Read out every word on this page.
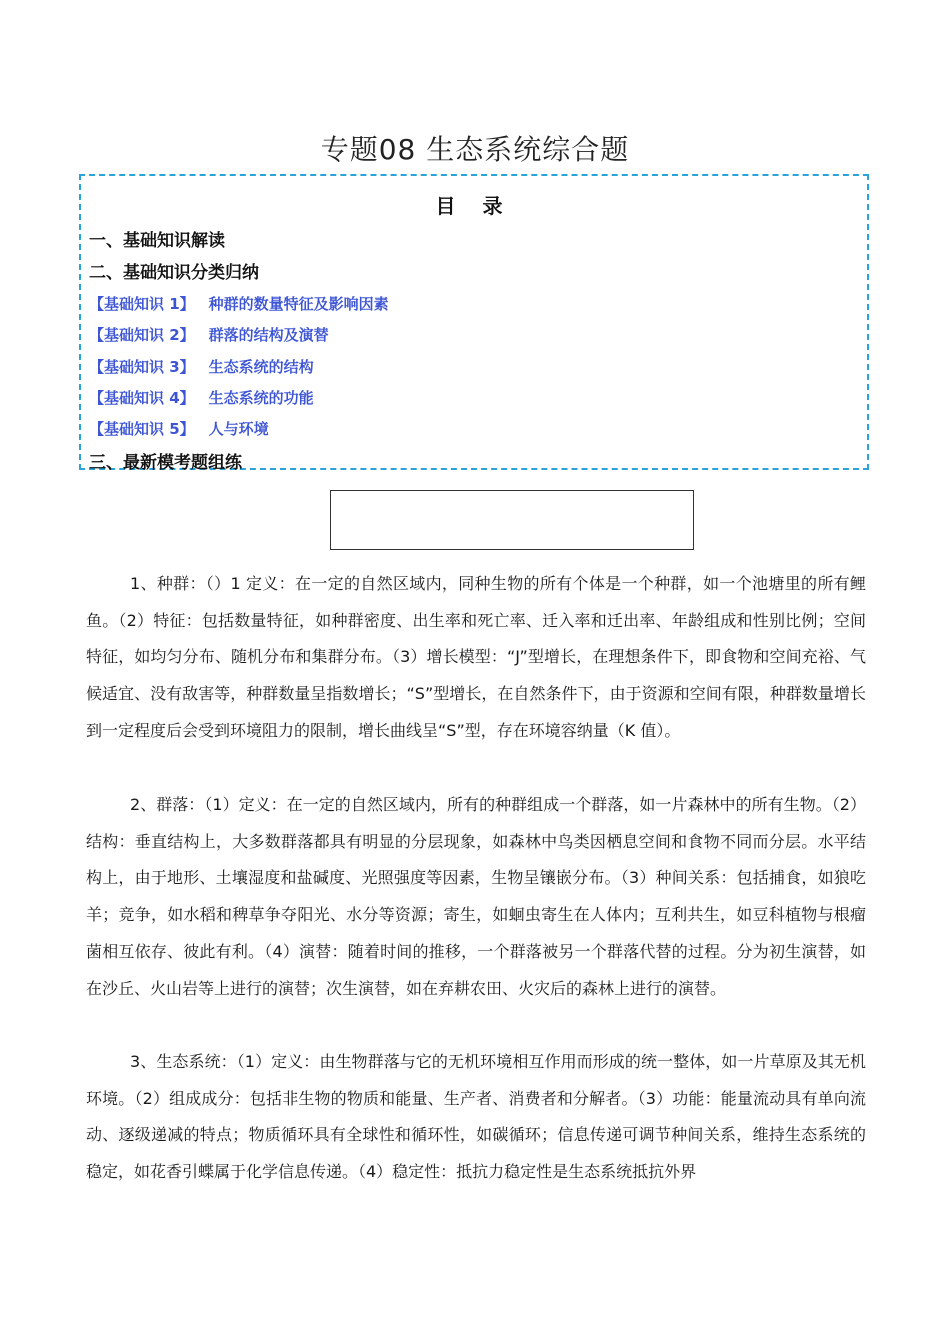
专题08 生态系统综合题
目 录
一、基础知识解读
二、基础知识分类归纳
【基础知识 1】 种群的数量特征及影响因素
【基础知识 2】 群落的结构及演替
【基础知识 3】 生态系统的结构
【基础知识 4】 生态系统的功能
【基础知识 5】 人与环境
三、最新模考题组练

1、种群：（）1 定义：在一定的自然区域内，同种生物的所有个体是一个种群，如一个池塘里的所有鲤鱼。（2）特征：包括数量特征，如种群密度、出生率和死亡率、迁入率和迁出率、年龄组成和性别比例；空间特征，如均匀分布、随机分布和集群分布。（3）增长模型：“J”型增长，在理想条件下，即食物和空间充裕、气候适宜、没有敌害等，种群数量呈指数增长；“S”型增长，在自然条件下，由于资源和空间有限，种群数量增长到一定程度后会受到环境阻力的限制，增长曲线呈“S”型，存在环境容纳量（K 值）。

2、群落：（1）定义：在一定的自然区域内，所有的种群组成一个群落，如一片森林中的所有生物。（2）结构：垂直结构上，大多数群落都具有明显的分层现象，如森林中鸟类因栖息空间和食物不同而分层。水平结构上，由于地形、土壤湿度和盐碱度、光照强度等因素，生物呈镶嵌分布。（3）种间关系：包括捕食，如狼吃羊；竞争，如水稻和稗草争夺阳光、水分等资源；寄生，如蛔虫寄生在人体内；互利共生，如豆科植物与根瘤菌相互依存、彼此有利。（4）演替：随着时间的推移，一个群落被另一个群落代替的过程。分为初生演替，如在沙丘、火山岩等上进行的演替；次生演替，如在弃耕农田、火灾后的森林上进行的演替。

3、生态系统：（1）定义：由生物群落与它的无机环境相互作用而形成的统一整体，如一片草原及其无机环境。（2）组成成分：包括非生物的物质和能量、生产者、消费者和分解者。（3）功能：能量流动具有单向流动、逐级递减的特点；物质循环具有全球性和循环性，如碳循环；信息传递可调节种间关系，维持生态系统的稳定，如花香引蝶属于化学信息传递。（4）稳定性：抵抗力稳定性是生态系统抵抗外界
